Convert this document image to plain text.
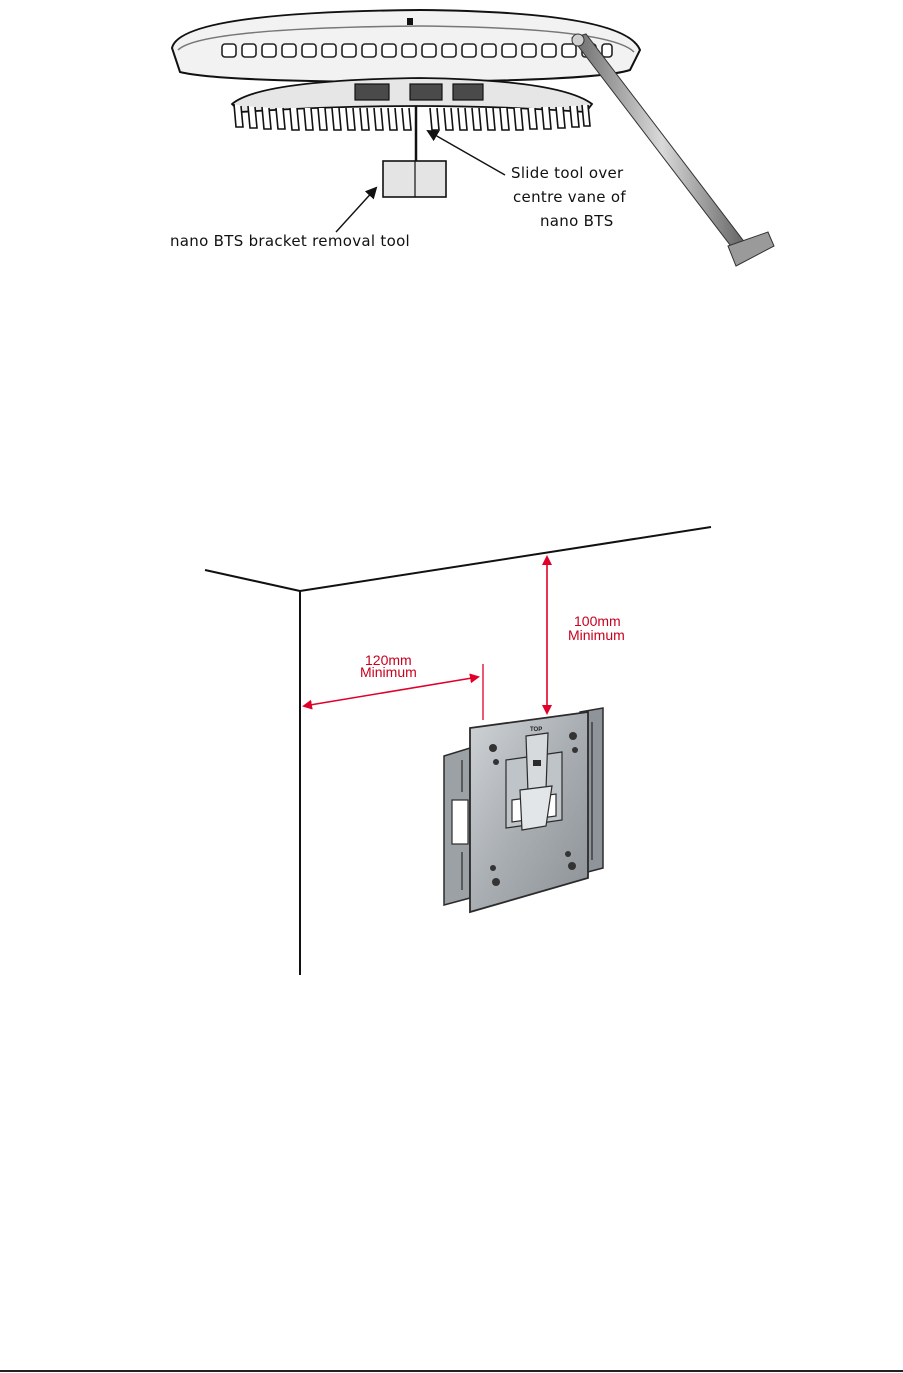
Slide tool over
centre vane of
nano BTS
nano BTS bracket removal tool
TOP
120mm
Minimum
100mm
Minimum
